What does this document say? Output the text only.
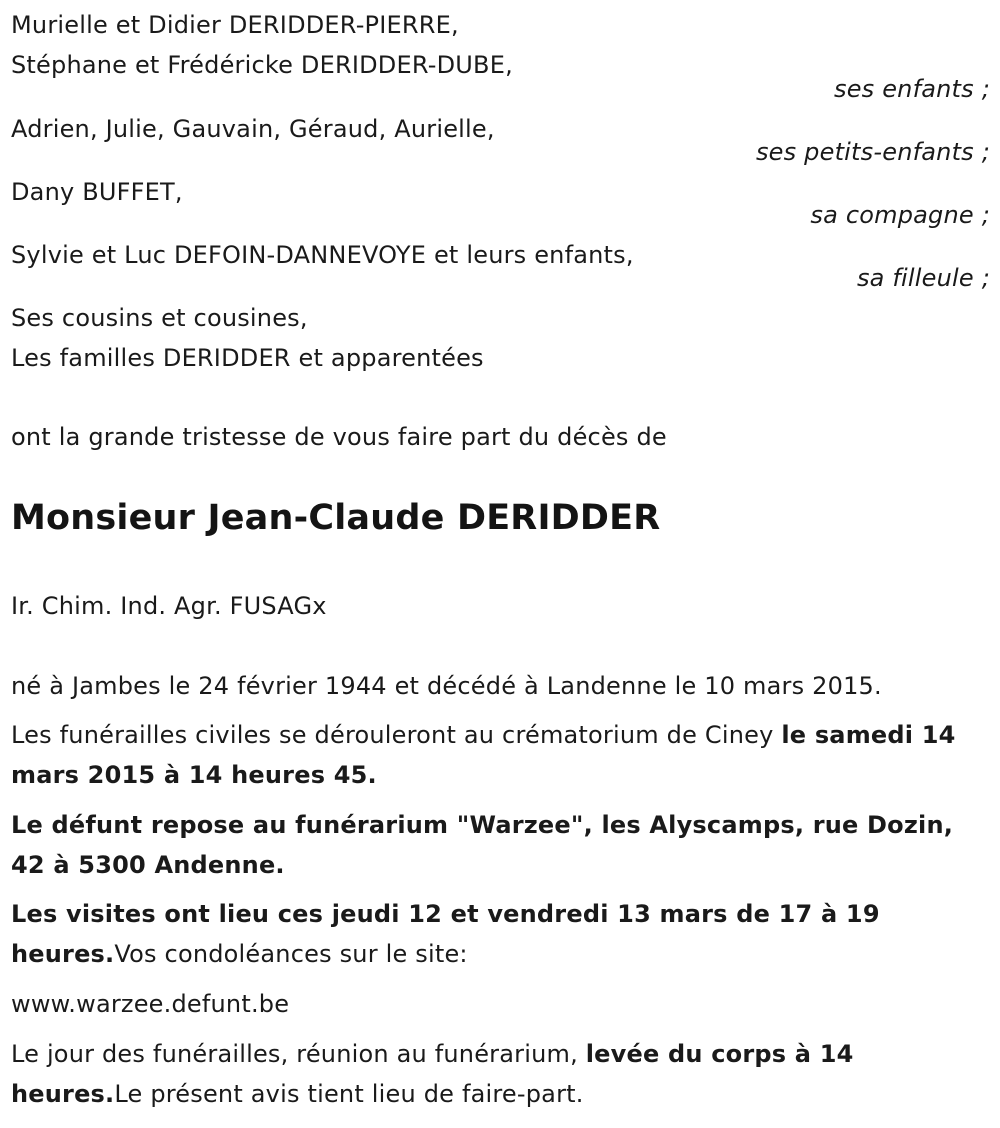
Murielle et Didier DERIDDER-PIERRE,
Stéphane et Frédéricke DERIDDER-DUBE,
ses enfants ;
Adrien, Julie, Gauvain, Géraud, Aurielle,
ses petits-enfants ;
Dany BUFFET,
sa compagne ;
Sylvie et Luc DEFOIN-DANNEVOYE et leurs enfants,
sa filleule ;
Ses cousins et cousines,
Les familles DERIDDER et apparentées
ont la grande tristesse de vous faire part du décès de
Monsieur Jean-Claude DERIDDER
Ir. Chim. Ind. Agr. FUSAGx
né à Jambes le 24 février 1944 et décédé à Landenne le 10 mars 2015.
Les funérailles civiles se dérouleront au crématorium de Ciney le samedi 14 mars 2015 à 14 heures 45.
Le défunt repose au funérarium "Warzee", les Alyscamps, rue Dozin, 42 à 5300 Andenne.
Les visites ont lieu ces jeudi 12 et vendredi 13 mars de 17 à 19 heures.Vos condoléances sur le site:
www.warzee.defunt.be
Le jour des funérailles, réunion au funérarium, levée du corps à 14 heures.Le présent avis tient lieu de faire-part.
